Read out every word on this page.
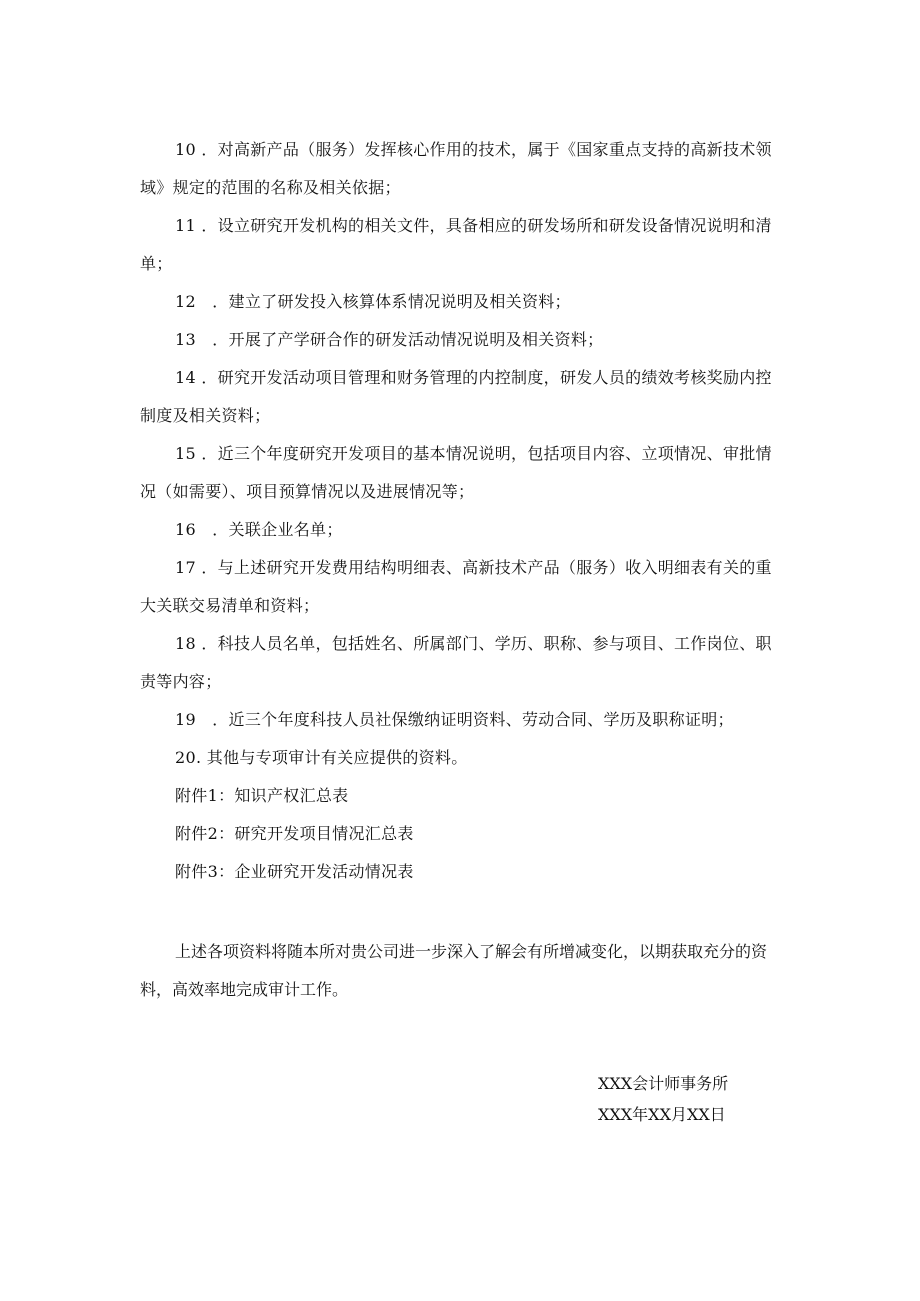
10 ．对高新产品（服务）发挥核心作用的技术，属于《国家重点支持的高新技术领域》规定的范围的名称及相关依据；

11 ．设立研究开发机构的相关文件，具备相应的研发场所和研发设备情况说明和清单；

12　．建立了研发投入核算体系情况说明及相关资料；

13　．开展了产学研合作的研发活动情况说明及相关资料；

14 ．研究开发活动项目管理和财务管理的内控制度，研发人员的绩效考核奖励内控制度及相关资料；

15 ．近三个年度研究开发项目的基本情况说明，包括项目内容、立项情况、审批情况（如需要）、项目预算情况以及进展情况等；

16　．关联企业名单；

17 ．与上述研究开发费用结构明细表、高新技术产品（服务）收入明细表有关的重大关联交易清单和资料；

18 ．科技人员名单，包括姓名、所属部门、学历、职称、参与项目、工作岗位、职责等内容；

19　．近三个年度科技人员社保缴纳证明资料、劳动合同、学历及职称证明；

20. 其他与专项审计有关应提供的资料。

附件1：知识产权汇总表

附件2：研究开发项目情况汇总表

附件3：企业研究开发活动情况表

上述各项资料将随本所对贵公司进一步深入了解会有所增减变化，以期获取充分的资料，高效率地完成审计工作。

XXX会计师事务所

XXX年XX月XX日
